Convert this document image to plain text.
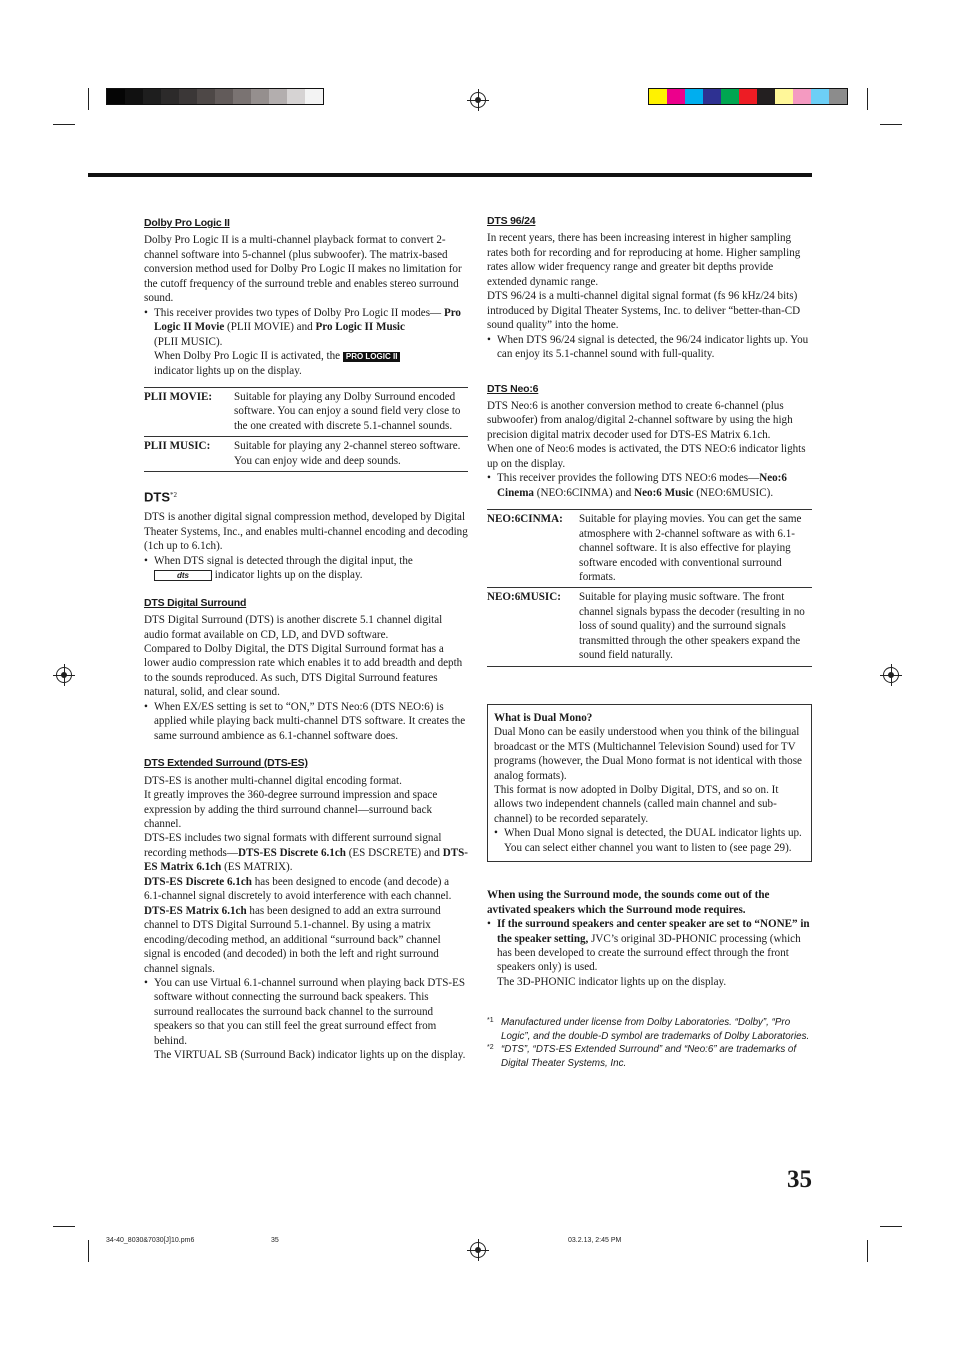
Dolby Pro Logic II

Dolby Pro Logic II is a multi-channel playback format to convert 2-channel software into 5-channel (plus subwoofer). The matrix-based conversion method used for Dolby Pro Logic II makes no limitation for the cutoff frequency of the surround treble and enables stereo surround sound.

• This receiver provides two types of Dolby Pro Logic II modes— Pro Logic II Movie (PLII MOVIE) and Pro Logic II Music
(PLII MUSIC).
When Dolby Pro Logic II is activated, the PRO LOGIC II
indicator lights up on the display.
PLII MOVIE:	Suitable for playing any Dolby Surround encoded software. You can enjoy a sound field very close to the one created with discrete 5.1-channel sounds.
PLII MUSIC:	Suitable for playing any 2-channel stereo software. You can enjoy wide and deep sounds.
DTS$^{*2}$

DTS is another digital signal compression method, developed by Digital Theater Systems, Inc., and enables multi-channel encoding and decoding (1ch up to 6.1ch).

• When DTS signal is detected through the digital input, the
dts indicator lights up on the display.
DTS Digital Surround

DTS Digital Surround (DTS) is another discrete 5.1 channel digital audio format available on CD, LD, and DVD software.

Compared to Dolby Digital, the DTS Digital Surround format has a lower audio compression rate which enables it to add breadth and depth to the sounds reproduced. As such, DTS Digital Surround features natural, solid, and clear sound.

• When EX/ES setting is set to “ON,” DTS Neo:6 (DTS NEO:6) is applied while playing back multi-channel DTS software. It creates the same surround ambience as 6.1-channel software does.
DTS Extended Surround (DTS-ES)

DTS-ES is another multi-channel digital encoding format.

It greatly improves the 360-degree surround impression and space expression by adding the third surround channel—surround back channel.

DTS-ES includes two signal formats with different surround signal recording methods—DTS-ES Discrete 6.1ch (ES DSCRETE) and DTS-ES Matrix 6.1ch (ES MATRIX).

DTS-ES Discrete 6.1ch has been designed to encode (and decode) a 6.1-channel signal discretely to avoid interference with each channel.

DTS-ES Matrix 6.1ch has been designed to add an extra surround channel to DTS Digital Surround 5.1-channel. By using a matrix encoding/decoding method, an additional “surround back” channel signal is encoded (and decoded) in both the left and right surround channel signals.

• You can use Virtual 6.1-channel surround when playing back DTS-ES software without connecting the surround back speakers. This surround reallocates the surround back channel to the surround speakers so that you can still feel the great surround effect from behind.
The VIRTUAL SB (Surround Back) indicator lights up on the display.
DTS 96/24

In recent years, there has been increasing interest in higher sampling rates both for recording and for reproducing at home. Higher sampling rates allow wider frequency range and greater bit depths provide extended dynamic range.

DTS 96/24 is a multi-channel digital signal format (fs 96 kHz/24 bits) introduced by Digital Theater Systems, Inc. to deliver “better-than-CD sound quality” into the home.

• When DTS 96/24 signal is detected, the 96/24 indicator lights up. You can enjoy its 5.1-channel sound with full-quality.
DTS Neo:6

DTS Neo:6 is another conversion method to create 6-channel (plus subwoofer) from analog/digital 2-channel software by using the high precision digital matrix decoder used for DTS-ES Matrix 6.1ch.

When one of Neo:6 modes is activated, the DTS NEO:6 indicator lights up on the display.

• This receiver provides the following DTS NEO:6 modes—Neo:6 Cinema (NEO:6CINMA) and Neo:6 Music (NEO:6MUSIC).
NEO:6CINMA:	Suitable for playing movies. You can get the same atmosphere with 2-channel software as with 6.1-channel software. It is also effective for playing software encoded with conventional surround formats.
NEO:6MUSIC:	Suitable for playing music software. The front channel signals bypass the decoder (resulting in no loss of sound quality) and the surround signals transmitted through the other speakers expand the sound field naturally.

What is Dual Mono?

Dual Mono can be easily understood when you think of the bilingual broadcast or the MTS (Multichannel Television Sound) used for TV programs (however, the Dual Mono format is not identical with those analog formats).

This format is now adopted in Dolby Digital, DTS, and so on. It allows two independent channels (called main channel and sub-channel) to be recorded separately.

• When Dual Mono signal is detected, the DUAL indicator lights up. You can select either channel you want to listen to (see page 29).

When using the Surround mode, the sounds come out of the avtivated speakers which the Surround mode requires.

• If the surround speakers and center speaker are set to “NONE” in the speaker setting, JVC’s original 3D-PHONIC processing (which has been developed to create the surround effect through the front speakers only) is used.
The 3D-PHONIC indicator lights up on the display.
*1 Manufactured under license from Dolby Laboratories. “Dolby”, “Pro Logic”, and the double-D symbol are trademarks of Dolby Laboratories.
*2 “DTS”, “DTS-ES Extended Surround” and “Neo:6” are trademarks of Digital Theater Systems, Inc.
35
34-40_8030&7030[J]10.pm6	35	03.2.13, 2:45 PM
